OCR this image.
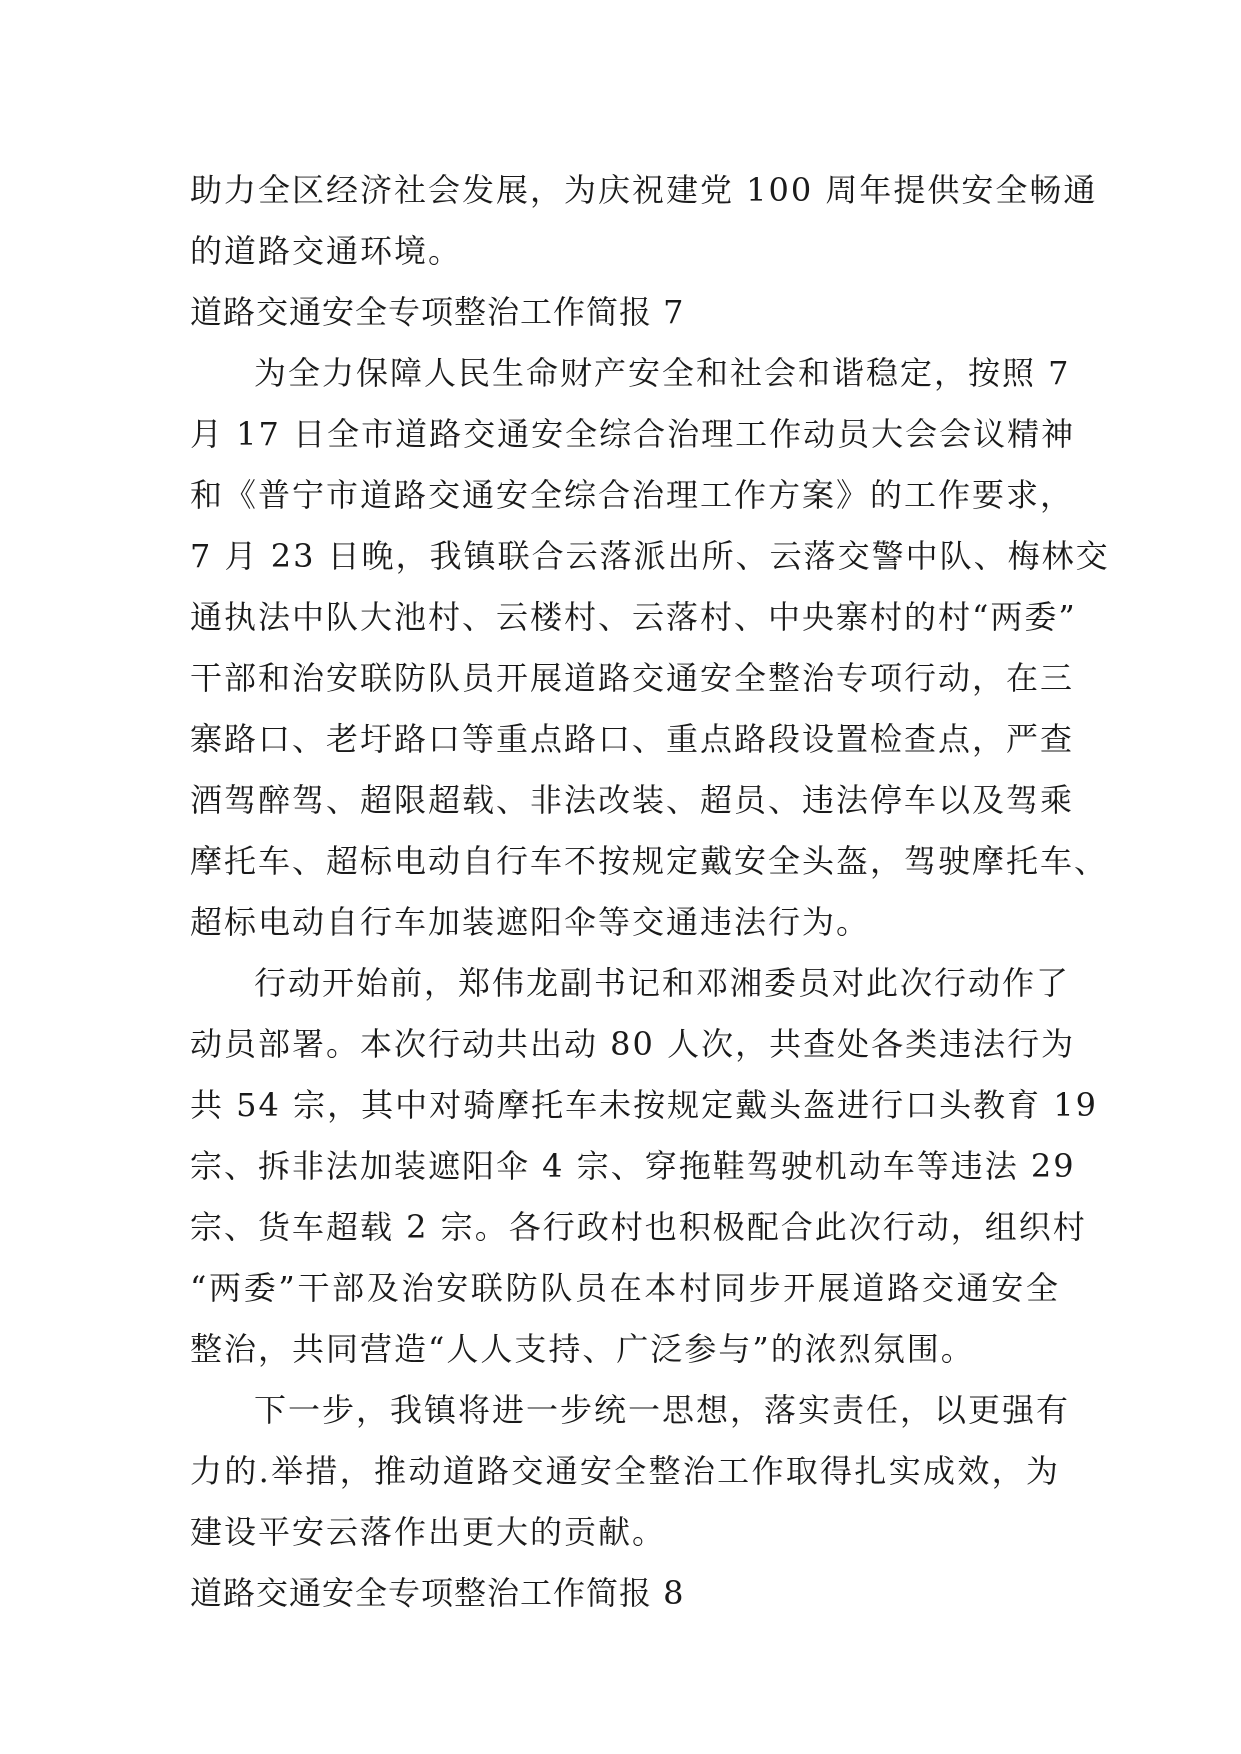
助力全区经济社会发展，为庆祝建党 100 周年提供安全畅通
的道路交通环境。
道路交通安全专项整治工作简报 7
为全力保障人民生命财产安全和社会和谐稳定，按照 7
月 17 日全市道路交通安全综合治理工作动员大会会议精神
和《普宁市道路交通安全综合治理工作方案》的工作要求，
7 月 23 日晚，我镇联合云落派出所、云落交警中队、梅林交
通执法中队大池村、云楼村、云落村、中央寨村的村“两委”
干部和治安联防队员开展道路交通安全整治专项行动，在三
寨路口、老圩路口等重点路口、重点路段设置检查点，严查
酒驾醉驾、超限超载、非法改装、超员、违法停车以及驾乘
摩托车、超标电动自行车不按规定戴安全头盔，驾驶摩托车、
超标电动自行车加装遮阳伞等交通违法行为。
行动开始前，郑伟龙副书记和邓湘委员对此次行动作了
动员部署。本次行动共出动 80 人次，共查处各类违法行为
共 54 宗，其中对骑摩托车未按规定戴头盔进行口头教育 19
宗、拆非法加装遮阳伞 4 宗、穿拖鞋驾驶机动车等违法 29
宗、货车超载 2 宗。各行政村也积极配合此次行动，组织村
“两委”干部及治安联防队员在本村同步开展道路交通安全
整治，共同营造“人人支持、广泛参与”的浓烈氛围。
下一步，我镇将进一步统一思想，落实责任，以更强有
力的.举措，推动道路交通安全整治工作取得扎实成效，为
建设平安云落作出更大的贡献。
道路交通安全专项整治工作简报 8
